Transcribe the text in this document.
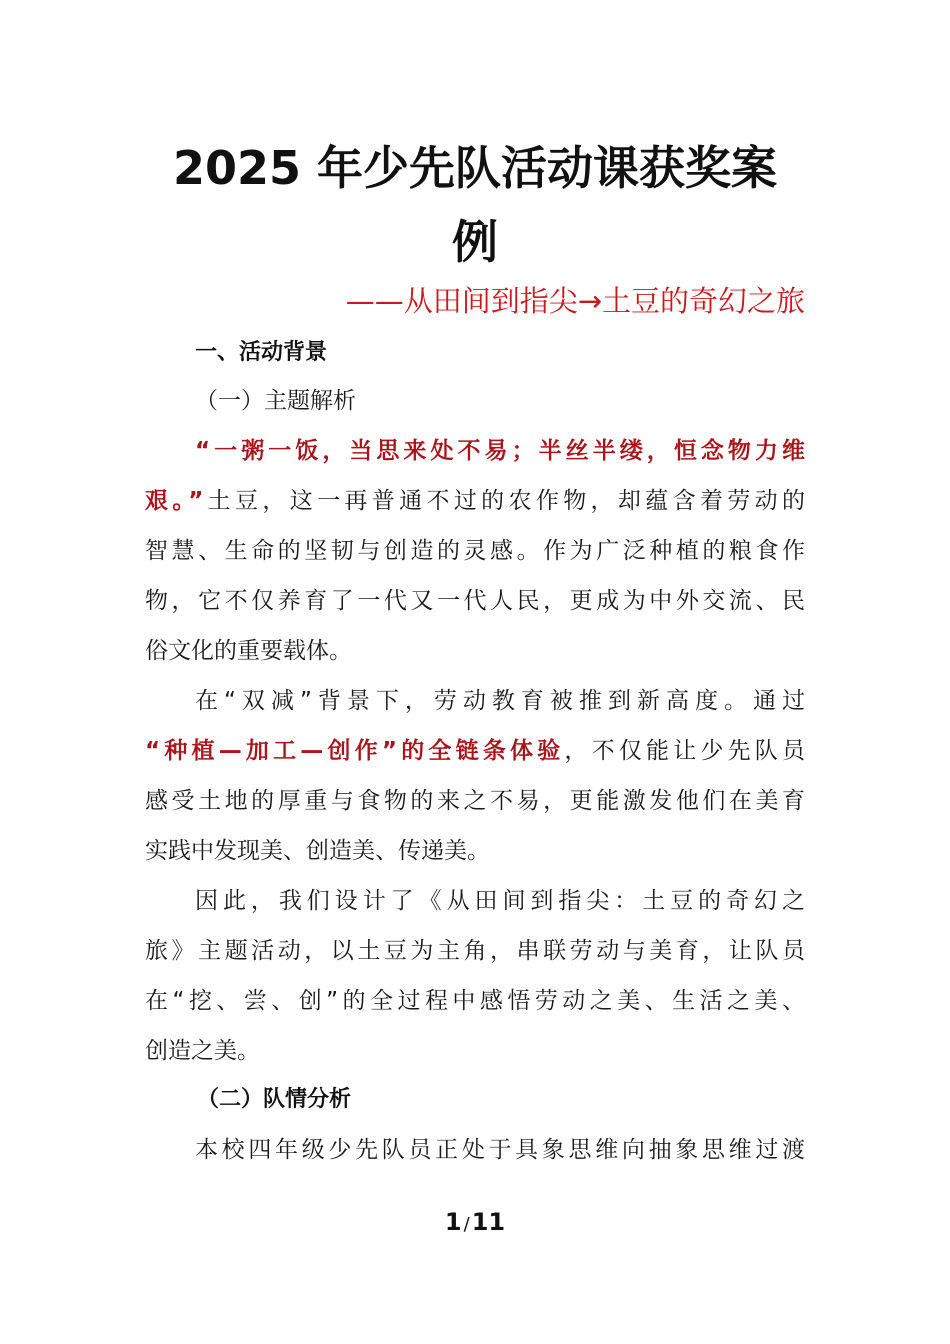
2025 年少先队活动课获奖案
例
——从田间到指尖→土豆的奇幻之旅
一、活动背景
（一）主题解析
“一粥一饭，当思来处不易；半丝半缕，恒念物力维
艰。”土豆，这一再普通不过的农作物，却蕴含着劳动的
智慧、生命的坚韧与创造的灵感。作为广泛种植的粮食作
物，它不仅养育了一代又一代人民，更成为中外交流、民
俗文化的重要载体。
在“双减”背景下，劳动教育被推到新高度。通过
“种植—加工—创作”的全链条体验，不仅能让少先队员
感受土地的厚重与食物的来之不易，更能激发他们在美育
实践中发现美、创造美、传递美。
因此，我们设计了《从田间到指尖：土豆的奇幻之
旅》主题活动，以土豆为主角，串联劳动与美育，让队员
在“挖、尝、创”的全过程中感悟劳动之美、生活之美、
创造之美。
（二）队情分析
本校四年级少先队员正处于具象思维向抽象思维过渡
1 /11
